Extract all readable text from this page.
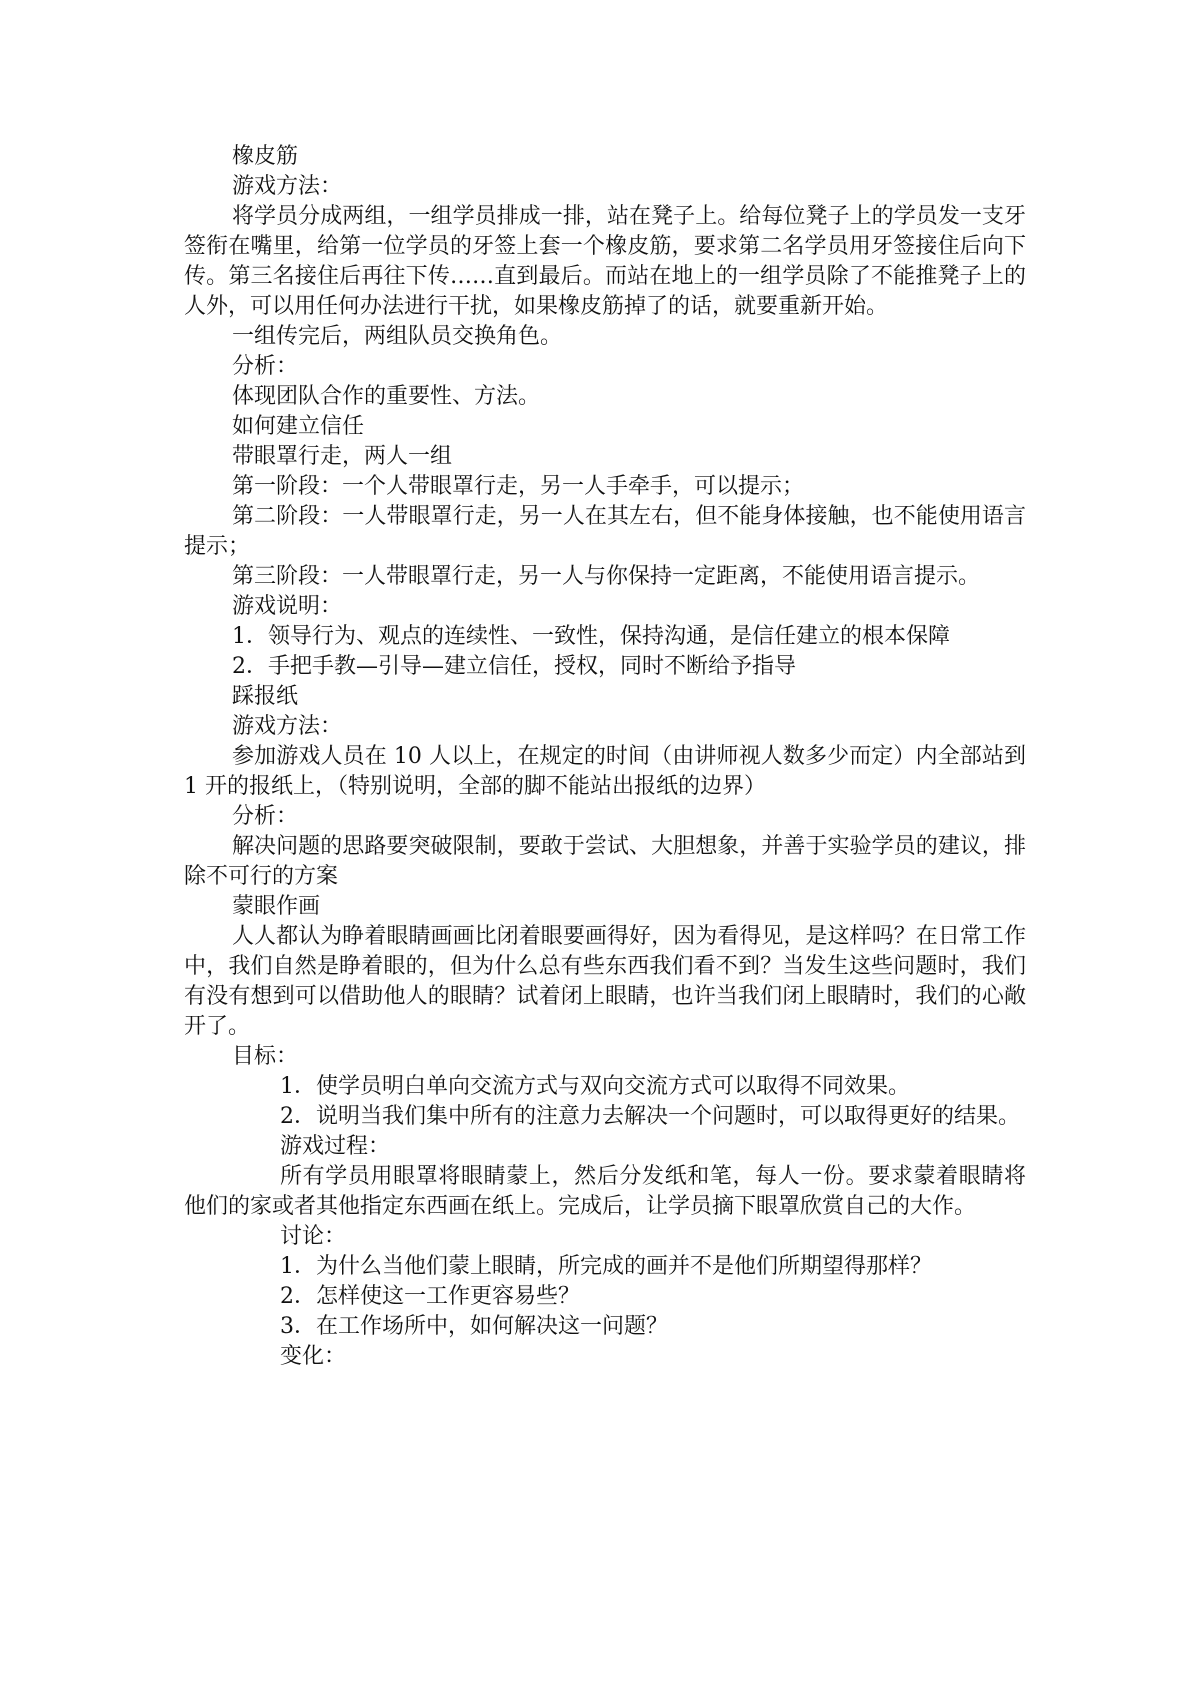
橡皮筋

游戏方法：

将学员分成两组，一组学员排成一排，站在凳子上。给每位凳子上的学员发一支牙签衔在嘴里，给第一位学员的牙签上套一个橡皮筋，要求第二名学员用牙签接住后向下传。第三名接住后再往下传……直到最后。而站在地上的一组学员除了不能推凳子上的人外，可以用任何办法进行干扰，如果橡皮筋掉了的话，就要重新开始。

一组传完后，两组队员交换角色。

分析：

体现团队合作的重要性、方法。

如何建立信任

带眼罩行走，两人一组

第一阶段：一个人带眼罩行走，另一人手牵手，可以提示；

第二阶段：一人带眼罩行走，另一人在其左右，但不能身体接触，也不能使用语言提示；

第三阶段：一人带眼罩行走，另一人与你保持一定距离，不能使用语言提示。

游戏说明：

1．领导行为、观点的连续性、一致性，保持沟通，是信任建立的根本保障

2．手把手教—引导—建立信任，授权，同时不断给予指导

踩报纸

游戏方法：

参加游戏人员在 10 人以上，在规定的时间（由讲师视人数多少而定）内全部站到 1 开的报纸上，（特别说明，全部的脚不能站出报纸的边界）

分析：

解决问题的思路要突破限制，要敢于尝试、大胆想象，并善于实验学员的建议，排除不可行的方案

蒙眼作画

人人都认为睁着眼睛画画比闭着眼要画得好，因为看得见，是这样吗？在日常工作中，我们自然是睁着眼的，但为什么总有些东西我们看不到？当发生这些问题时，我们有没有想到可以借助他人的眼睛？试着闭上眼睛，也许当我们闭上眼睛时，我们的心敞开了。

目标：

1．使学员明白单向交流方式与双向交流方式可以取得不同效果。

2．说明当我们集中所有的注意力去解决一个问题时，可以取得更好的结果。

游戏过程：

所有学员用眼罩将眼睛蒙上，然后分发纸和笔，每人一份。要求蒙着眼睛将他们的家或者其他指定东西画在纸上。完成后，让学员摘下眼罩欣赏自己的大作。

讨论：

1．为什么当他们蒙上眼睛，所完成的画并不是他们所期望得那样？

2．怎样使这一工作更容易些？

3．在工作场所中，如何解决这一问题？

变化：
